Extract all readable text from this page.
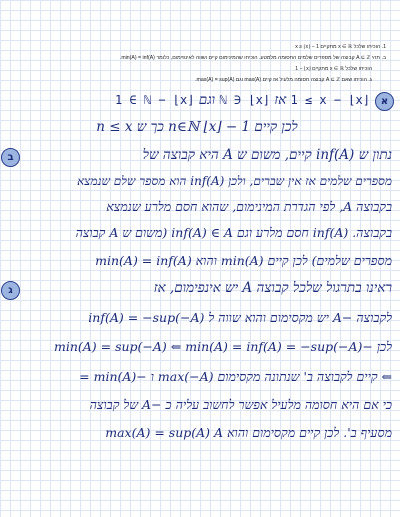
1. הוכיחו שלכל x ∈ ℝ מתקיים x ≥ ⌊x⌋ − 1
ב. תהי A ⊆ ℤ קבוצה של מספרים שלמים החסומה מלמטע. הוכיחו שהמינימום קיים ושווה לאינפימום, כלומר min(A) = inf(A).
הוכיחו שלכל x ∈ ℝ מתקיים ⌊x⌋ − 1
ג. הוכיחו שאם A ⊆ ℤ קבוצה חסומה מלעיל אז קיים max(A) וגם max(A) = sup(A).
א
⌊x⌋ − 1 ≤ x אז ⌊x⌋ ∈ ℕ וגם ⌊x⌋ − 1 ∈ ℕ
לכן קיים n∈ℕ ⌊x⌋ − 1 כך ש n ≤ x
ב	נתון ש inf(A) קיים, משום ש A היא קבוצה של
מספרים שלמים אז אין שברים, ולכן inf(A) הוא מספר שלם שנמצא
בקבוצה A, לפי הגדרת המינימום, שהוא חסם מלרע שנמצא
בקבוצה. inf(A) חסם מלרע וגם inf(A) ∈ A (משום ש A קבוצה
מספרים שלמים) לכן קיים min(A) והוא min(A) = inf(A)
ג	ראינו בתרגול שלכל קבוצה A יש אינפימום, אז
לקבוצה −A יש מקסימום והוא שווה ל inf(A) = −sup(−A)
לכן −min(A) = sup(−A) ⇐ min(A) = inf(A) = −sup(−A)
⇐ קיים לקבוצה ב' שנתונה מקסימום max(−A) ו −min(A) =
כי אם היא חסומה מלעיל אפשר לחשוב עליה כ −A של קבוצה
מסעיף ב'. לכן קיים מקסימום והוא max(A) = sup(A) A
